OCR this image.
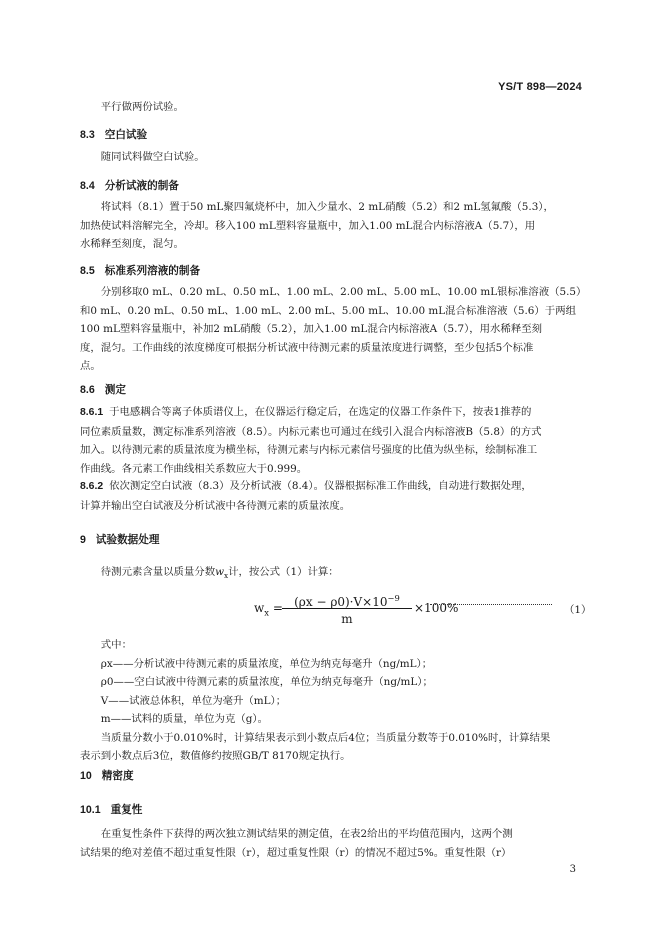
YS/T 898—2024
平行做两份试验。
8.3 空白试验
随同试料做空白试验。
8.4 分析试液的制备
将试料（8.1）置于50 mL聚四氟烧杯中，加入少量水、2 mL硝酸（5.2）和2 mL氢氟酸（5.3），
加热使试料溶解完全，冷却。移入100 mL塑料容量瓶中，加入1.00 mL混合内标溶液A（5.7），用
水稀释至刻度，混匀。
8.5 标准系列溶液的制备
分别移取0 mL、0.20 mL、0.50 mL、1.00 mL、2.00 mL、5.00 mL、10.00 mL银标准溶液（5.5）
和0 mL、0.20 mL、0.50 mL、1.00 mL、2.00 mL、5.00 mL、10.00 mL混合标准溶液（5.6）于两组
100 mL塑料容量瓶中，补加2 mL硝酸（5.2），加入1.00 mL混合内标溶液A（5.7），用水稀释至刻
度，混匀。工作曲线的浓度梯度可根据分析试液中待测元素的质量浓度进行调整，至少包括5个标准
点。
8.6 测定
8.6.1 于电感耦合等离子体质谱仪上，在仪器运行稳定后，在选定的仪器工作条件下，按表1推荐的
同位素质量数，测定标准系列溶液（8.5）。内标元素也可通过在线引入混合内标溶液B（5.8）的方式
加入。以待测元素的质量浓度为横坐标，待测元素与内标元素信号强度的比值为纵坐标，绘制标准工
作曲线。各元素工作曲线相关系数应大于0.999。
8.6.2 依次测定空白试液（8.3）及分析试液（8.4）。仪器根据标准工作曲线，自动进行数据处理，
计算并输出空白试液及分析试液中各待测元素的质量浓度。
9 试验数据处理
待测元素含量以质量分数$w_x$计，按公式（1）计算：
$w_x = (\rho x - \rho 0)\cdot V\times 10^{-9}$
m
×100%	（1）
式中：
ρx——分析试液中待测元素的质量浓度，单位为纳克每毫升（ng/mL）；
ρ0——空白试液中待测元素的质量浓度，单位为纳克每毫升（ng/mL）；
V——试液总体积，单位为毫升（mL）；
m——试料的质量，单位为克（g）。
当质量分数小于0.010%时，计算结果表示到小数点后4位；当质量分数等于0.010%时，计算结果
表示到小数点后3位，数值修约按照GB/T 8170规定执行。
10 精密度
10.1 重复性
在重复性条件下获得的两次独立测试结果的测定值，在表2给出的平均值范围内，这两个测
试结果的绝对差值不超过重复性限（r），超过重复性限（r）的情况不超过5%。重复性限（r）
3
